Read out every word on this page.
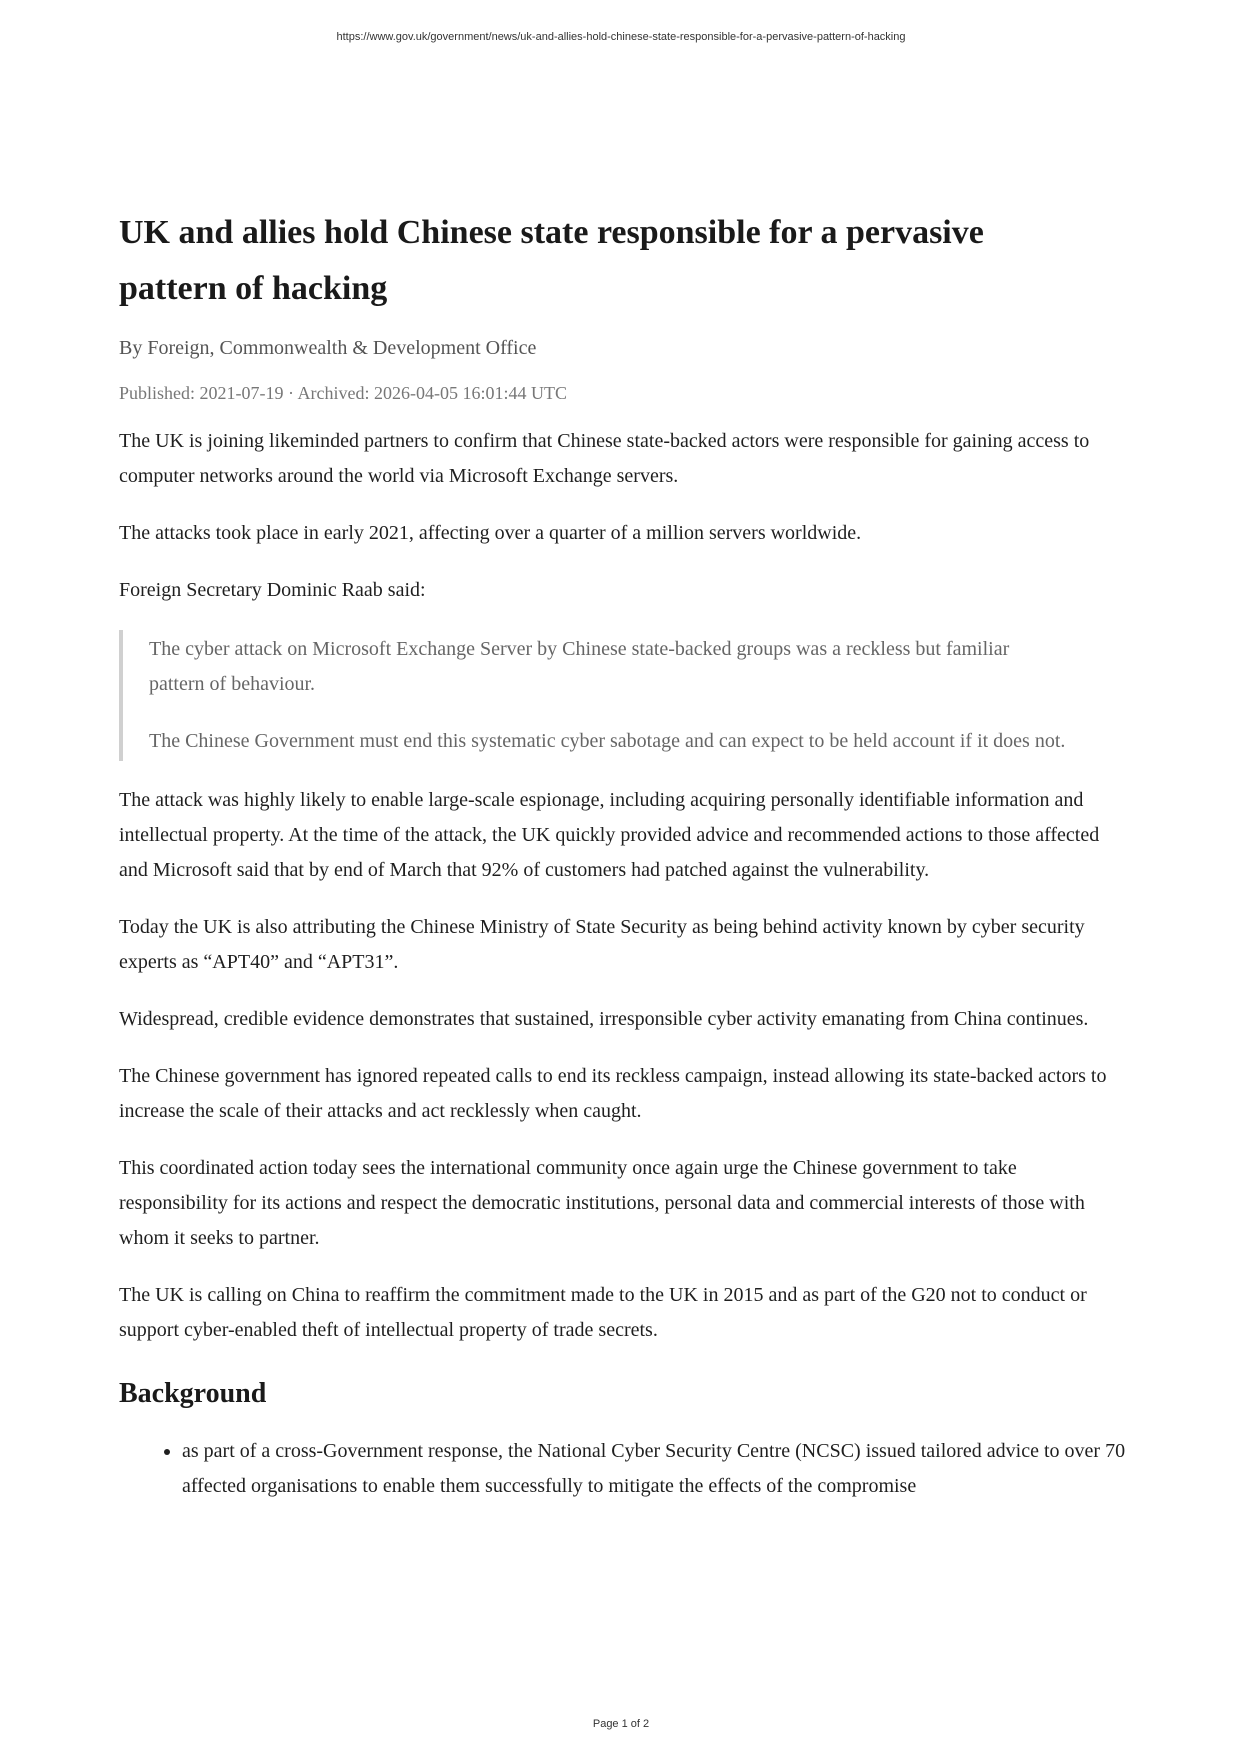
https://www.gov.uk/government/news/uk-and-allies-hold-chinese-state-responsible-for-a-pervasive-pattern-of-hacking
UK and allies hold Chinese state responsible for a pervasive pattern of hacking
By Foreign, Commonwealth & Development Office
Published: 2021-07-19 · Archived: 2026-04-05 16:01:44 UTC

The UK is joining likeminded partners to confirm that Chinese state-backed actors were responsible for gaining access to computer networks around the world via Microsoft Exchange servers.

The attacks took place in early 2021, affecting over a quarter of a million servers worldwide.

Foreign Secretary Dominic Raab said:

The cyber attack on Microsoft Exchange Server by Chinese state-backed groups was a reckless but familiar pattern of behaviour.

The Chinese Government must end this systematic cyber sabotage and can expect to be held account if it does not.

The attack was highly likely to enable large-scale espionage, including acquiring personally identifiable information and intellectual property. At the time of the attack, the UK quickly provided advice and recommended actions to those affected and Microsoft said that by end of March that 92% of customers had patched against the vulnerability.

Today the UK is also attributing the Chinese Ministry of State Security as being behind activity known by cyber security experts as “APT40” and “APT31”.

Widespread, credible evidence demonstrates that sustained, irresponsible cyber activity emanating from China continues.

The Chinese government has ignored repeated calls to end its reckless campaign, instead allowing its state-backed actors to increase the scale of their attacks and act recklessly when caught.

This coordinated action today sees the international community once again urge the Chinese government to take responsibility for its actions and respect the democratic institutions, personal data and commercial interests of those with whom it seeks to partner.

The UK is calling on China to reaffirm the commitment made to the UK in 2015 and as part of the G20 not to conduct or support cyber-enabled theft of intellectual property of trade secrets.

Background
• as part of a cross-Government response, the National Cyber Security Centre (NCSC) issued tailored advice to over 70 affected organisations to enable them successfully to mitigate the effects of the compromise
Page 1 of 2
